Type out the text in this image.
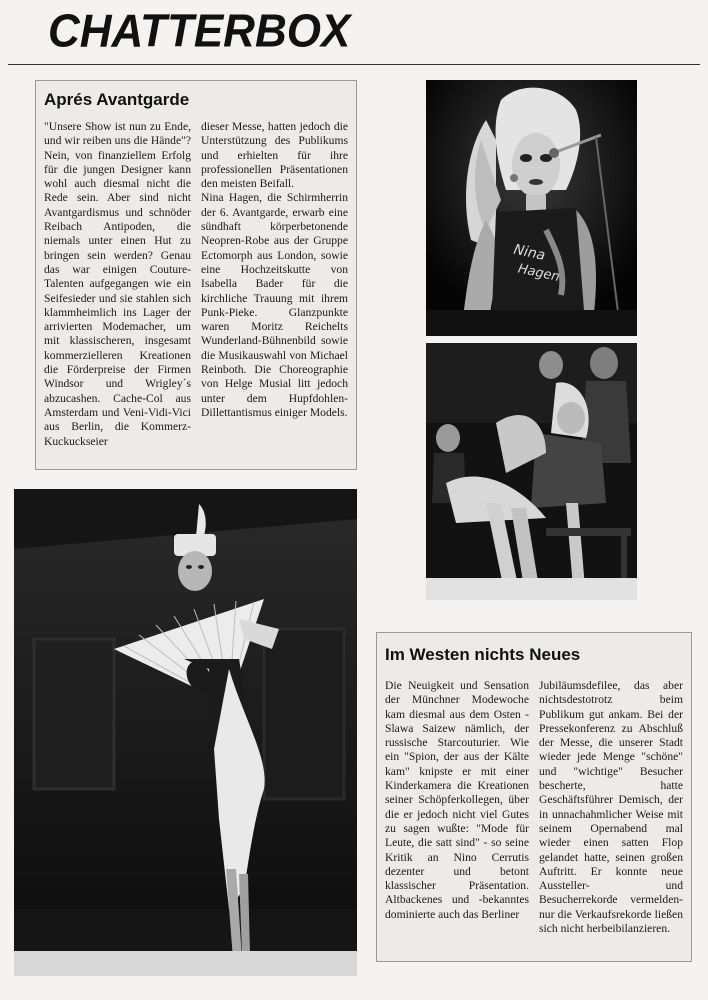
CHATTERBOX
Aprés Avantgarde

"Unsere Show ist nun zu Ende, und wir reiben uns die Hände"? Nein, von finanziellem Erfolg für die jungen Designer kann wohl auch diesmal nicht die Rede sein. Aber sind nicht Avantgardismus und schnöder Reibach Antipoden, die niemals unter einen Hut zu bringen sein werden? Genau das war einigen Couture-Talenten aufgegangen wie ein Seifesieder und sie stahlen sich klammheimlich ins Lager der arrivierten Modemacher, um mit klassischeren, insgesamt kommerzielleren Kreationen die Förderpreise der Firmen Windsor und Wrigley´s abzucashen. Cache-Col aus Amsterdam und Veni-Vidi-Vici aus Berlin, die Kommerz-Kuckuckseier

dieser Messe, hatten jedoch die Unterstützung des Publikums und erhielten für ihre professionellen Präsentationen den meisten Beifall.

Nina Hagen, die Schirmherrin der 6. Avantgarde, erwarb eine sündhaft körperbetonende Neopren-Robe aus der Gruppe Ectomorph aus London, sowie eine Hochzeitskutte von Isabella Bader für die kirchliche Trauung mit ihrem Punk-Pieke. Glanzpunkte waren Moritz Reichelts Wunderland-Bühnenbild sowie die Musikauswahl von Michael Reinboth. Die Choreographie von Helge Musial litt jedoch unter dem Hupfdohlen-Dillettantismus einiger Models.

Nina
Hagen
Im Westen nichts Neues

Die Neuigkeit und Sensation der Münchner Modewoche kam diesmal aus dem Osten - Slawa Saizew nämlich, der russische Starcouturier. Wie ein "Spion, der aus der Kälte kam" knipste er mit einer Kinderkamera die Kreationen seiner Schöpferkollegen, über die er jedoch nicht viel Gutes zu sagen wußte: "Mode für Leute, die satt sind" - so seine Kritik an Nino Cerrutis dezenter und betont klassischer Präsentation. Altbackenes und -bekanntes dominierte auch das Berliner

Jubiläumsdefilee, das aber nichtsdestotrotz beim Publikum gut ankam. Bei der Pressekonferenz zu Abschluß der Messe, die unserer Stadt wieder jede Menge "schöne" und "wichtige" Besucher bescherte, hatte Geschäftsführer Demisch, der in unnachahmlicher Weise mit seinem Opernabend mal wieder einen satten Flop gelandet hatte, seinen großen Auftritt. Er konnte neue Aussteller- und Besucherrekorde vermelden- nur die Verkaufsrekorde ließen sich nicht herbeibilanzieren.
